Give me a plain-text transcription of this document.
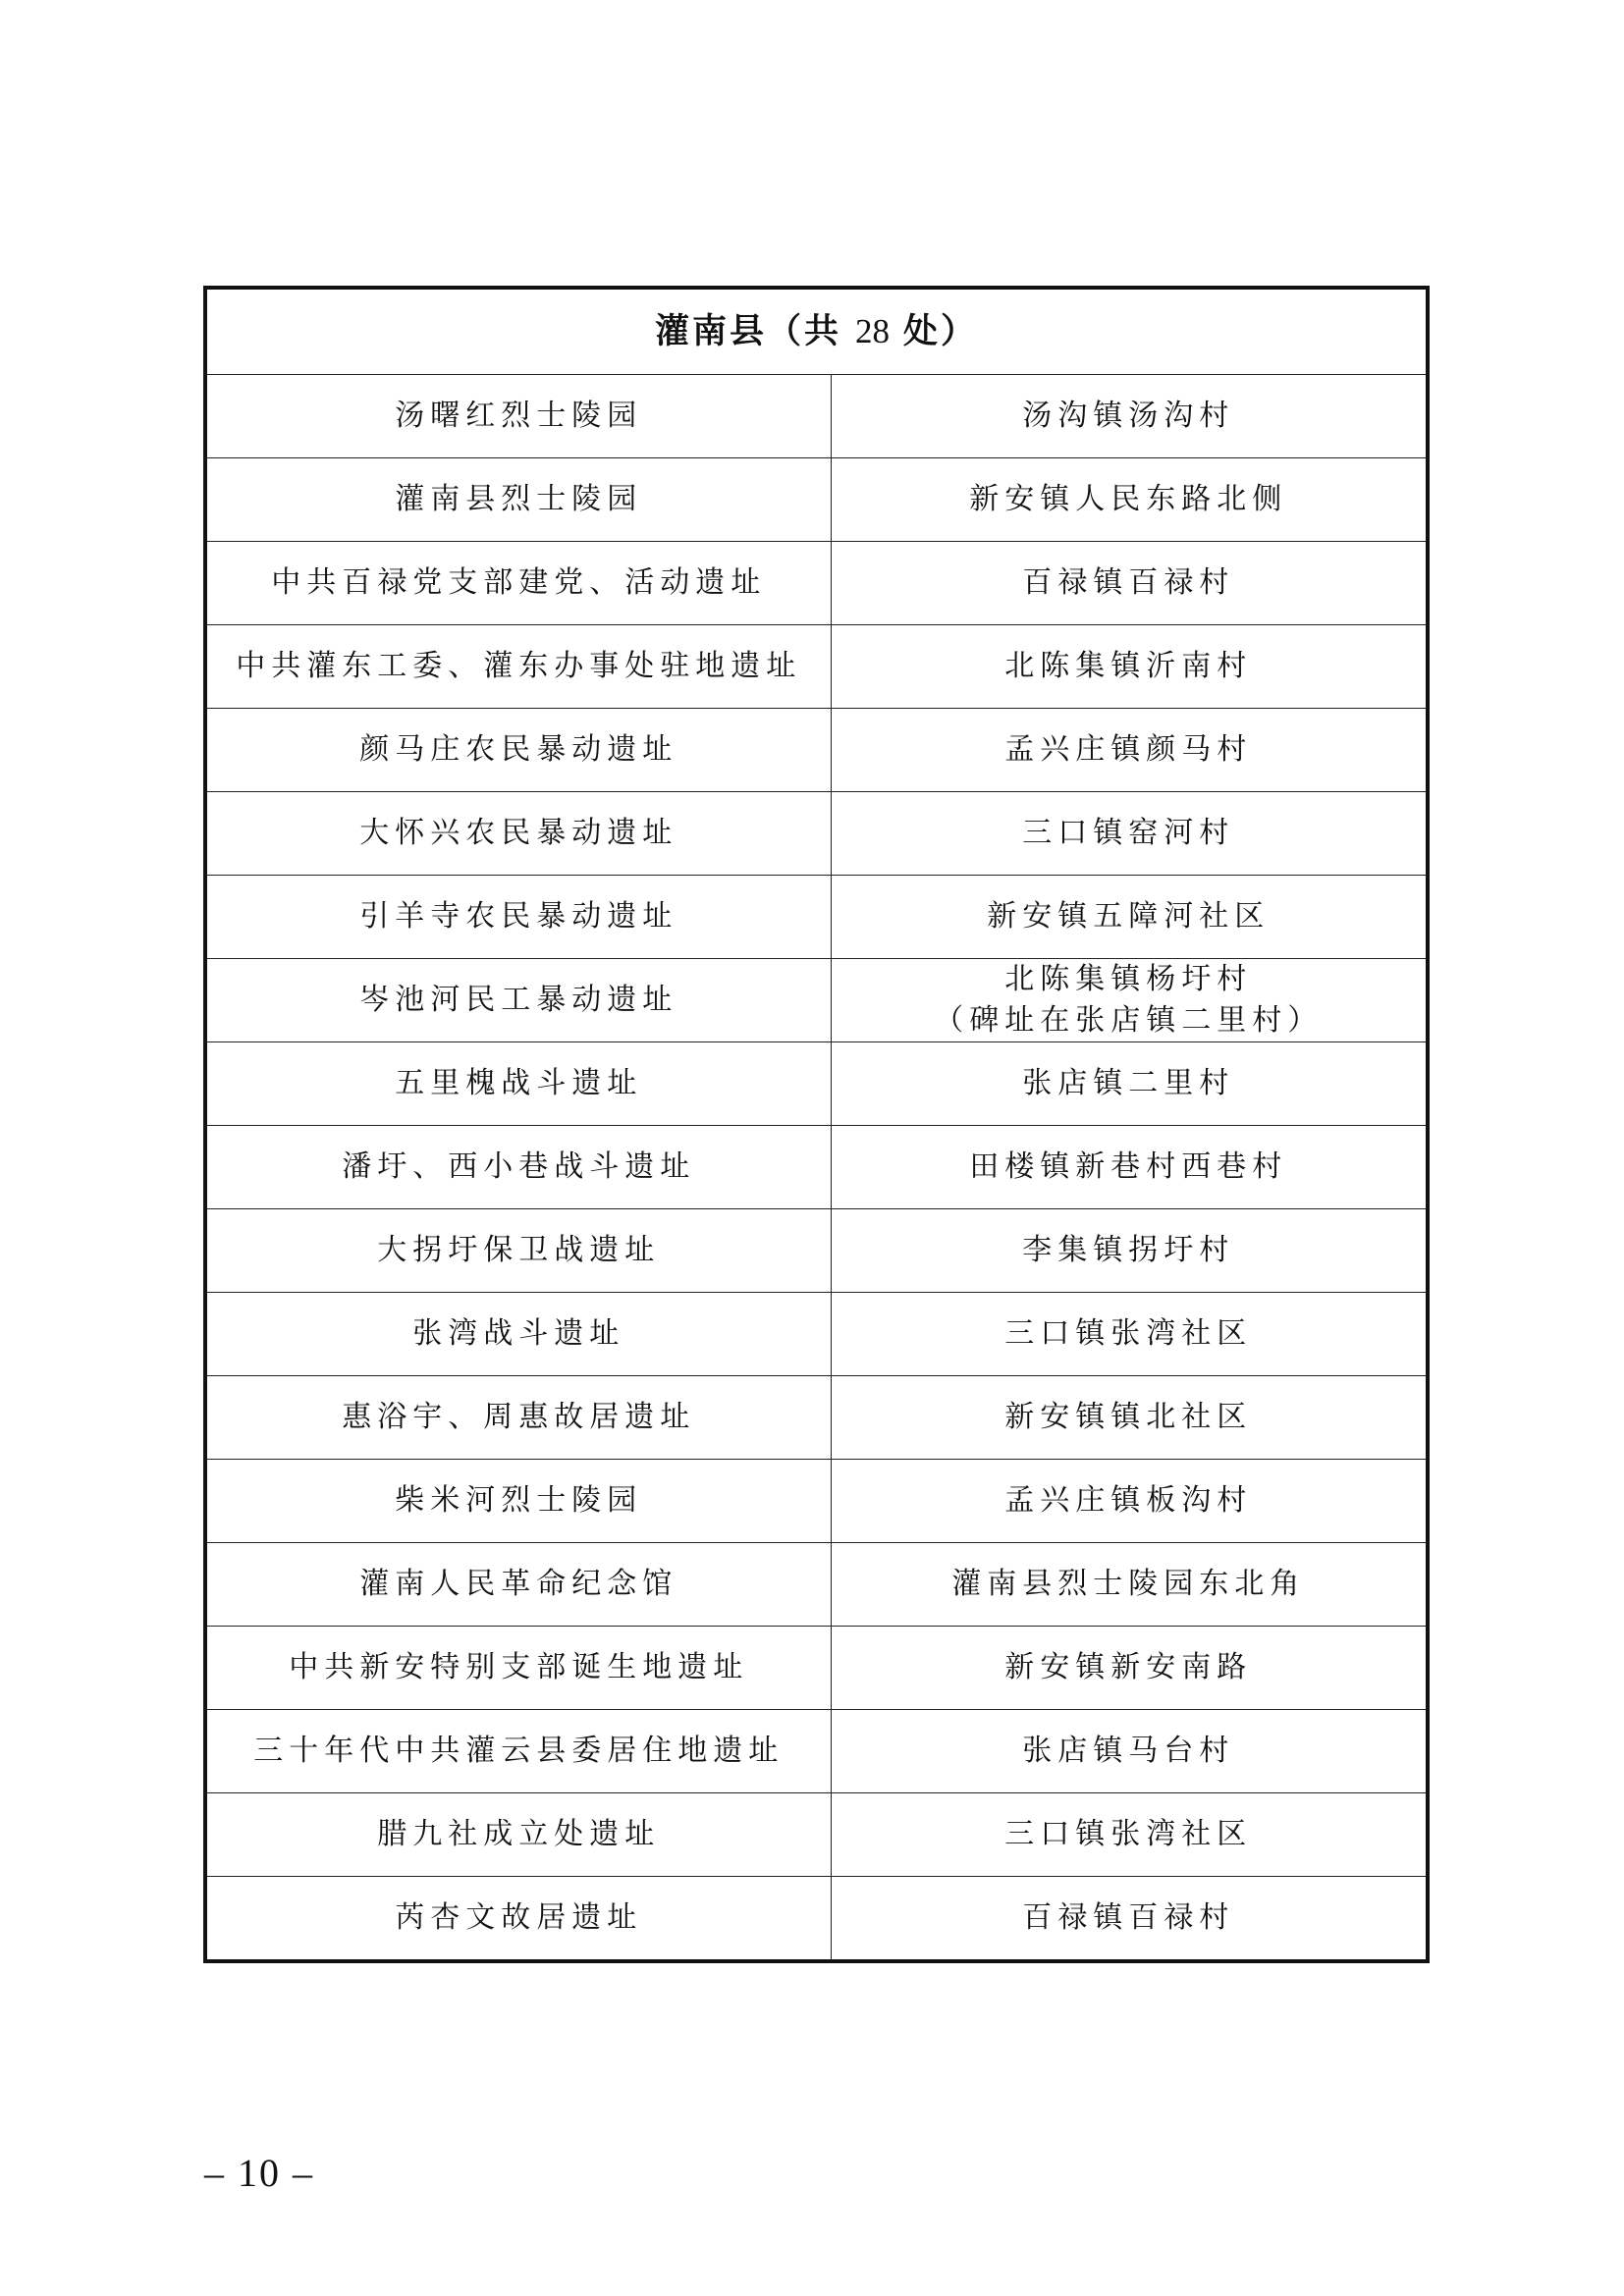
灌南县（共 28 处）	
汤曙红烈士陵园	汤沟镇汤沟村

灌南县烈士陵园	新安镇人民东路北侧

中共百禄党支部建党、活动遗址	百禄镇百禄村

中共灌东工委、灌东办事处驻地遗址	北陈集镇沂南村

颜马庄农民暴动遗址	孟兴庄镇颜马村

大怀兴农民暴动遗址	三口镇窑河村

引羊寺农民暴动遗址	新安镇五障河社区

岑池河民工暴动遗址	北陈集镇杨圩村
（碑址在张店镇二里村）

五里槐战斗遗址	张店镇二里村

潘圩、西小巷战斗遗址	田楼镇新巷村西巷村

大拐圩保卫战遗址	李集镇拐圩村

张湾战斗遗址	三口镇张湾社区

惠浴宇、周惠故居遗址	新安镇镇北社区

柴米河烈士陵园	孟兴庄镇板沟村

灌南人民革命纪念馆	灌南县烈士陵园东北角

中共新安特别支部诞生地遗址	新安镇新安南路

三十年代中共灌云县委居住地遗址	张店镇马台村

腊九社成立处遗址	三口镇张湾社区

芮杏文故居遗址	百禄镇百禄村
– 10 –
